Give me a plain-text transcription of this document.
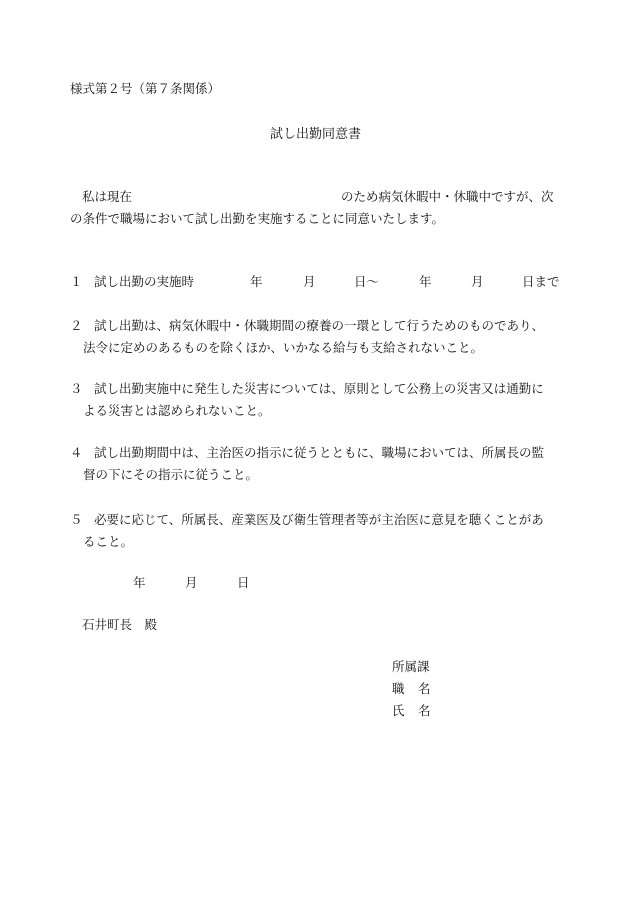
様式第２号（第７条関係）
試し出勤同意書
私は現在	のため病気休暇中・休職中ですが、次
の条件で職場において試し出勤を実施することに同意いたします。
１ 試し出勤の実施時	年	月	日～	年	月	日まで
２ 試し出勤は、病気休暇中・休職期間の療養の一環として行うためのものであり、
法令に定めのあるものを除くほか、いかなる給与も支給されないこと。
３ 試し出勤実施中に発生した災害については、原則として公務上の災害又は通勤に
よる災害とは認められないこと。
４ 試し出勤期間中は、主治医の指示に従うとともに、職場においては、所属長の監
督の下にその指示に従うこと。
５ 必要に応じて、所属長、産業医及び衛生管理者等が主治医に意見を聴くことがあ
ること。
年	月	日
石井町長　殿
所属課
職 名
氏 名
